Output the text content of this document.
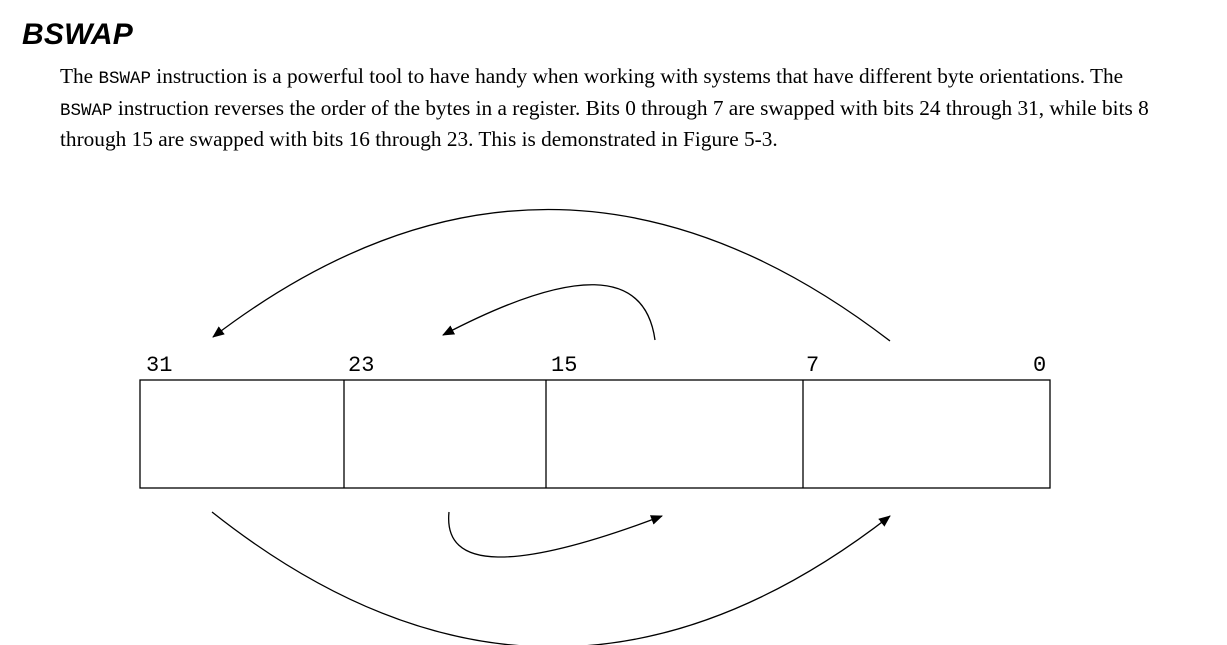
BSWAP

The BSWAP instruction is a powerful tool to have handy when working with systems that have different byte orientations. The BSWAP instruction reverses the order of the bytes in a register. Bits 0 through 7 are swapped with bits 24 through 31, while bits 8 through 15 are swapped with bits 16 through 23. This is demonstrated in Figure 5-3.

31	23	15	7	0
